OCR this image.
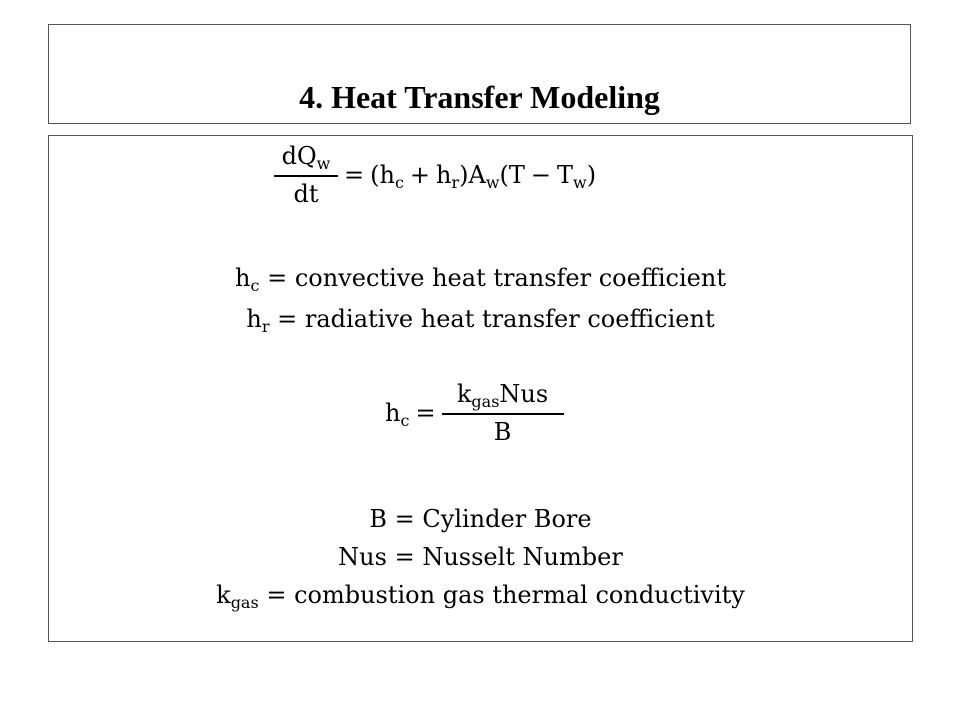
4. Heat Transfer Modeling
$\frac{dQ_w}{dt} = (h_c + h_r)A_w(T - T_w)$
$h_c$ = convective heat transfer coefficient
$h_r$ = radiative heat transfer coefficient
$h_c = \frac{k_{gas}Nus}{B}$
B = Cylinder Bore
Nus = Nusselt Number
$k_{gas}$ = combustion gas thermal conductivity
